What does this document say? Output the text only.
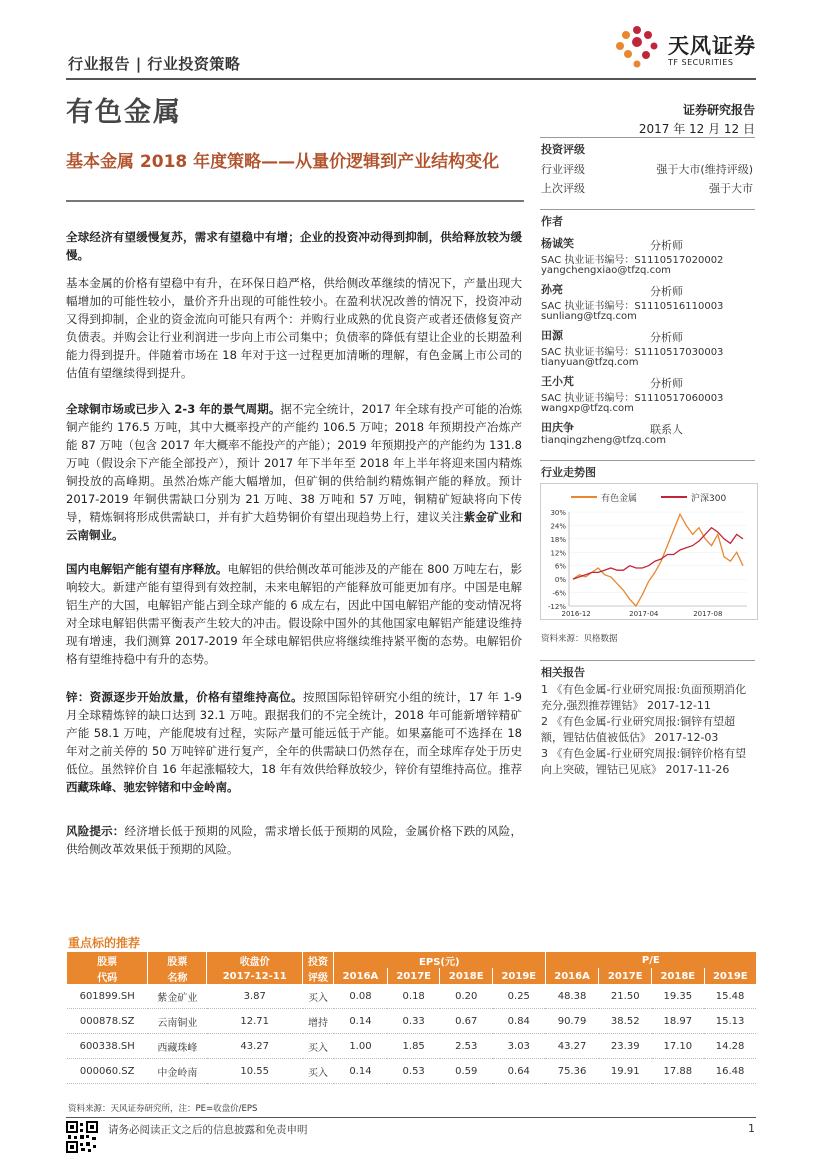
行业报告 | 行业投资策略
天风证券
TF SECURITIES
有色金属	证券研究报告
2017 年 12 月 12 日
基本金属 2018 年度策略——从量价逻辑到产业结构变化
全球经济有望缓慢复苏，需求有望稳中有增；企业的投资冲动得到抑制，供给释放较为缓慢。
基本金属的价格有望稳中有升，在环保日趋严格，供给侧改革继续的情况下，产量出现大幅增加的可能性较小，量价齐升出现的可能性较小。在盈利状况改善的情况下，投资冲动又得到抑制，企业的资金流向可能只有两个：并购行业成熟的优良资产或者还债修复资产负债表。并购会让行业利润进一步向上市公司集中；负债率的降低有望让企业的长期盈利能力得到提升。伴随着市场在 18 年对于这一过程更加清晰的理解，有色金属上市公司的估值有望继续得到提升。
全球铜市场或已步入 2-3 年的景气周期。据不完全统计，2017 年全球有投产可能的冶炼铜产能约 176.5 万吨，其中大概率投产的产能约 106.5 万吨；2018 年预期投产冶炼产能 87 万吨（包含 2017 年大概率不能投产的产能）；2019 年预期投产的产能约为 131.8 万吨（假设余下产能全部投产），预计 2017 年下半年至 2018 年上半年将迎来国内精炼铜投放的高峰期。虽然冶炼产能大幅增加，但矿铜的供给制约精炼铜产能的释放。预计 2017-2019 年铜供需缺口分别为 21 万吨、38 万吨和 57 万吨，铜精矿短缺将向下传导，精炼铜将形成供需缺口，并有扩大趋势铜价有望出现趋势上行，建议关注紫金矿业和云南铜业。
国内电解铝产能有望有序释放。电解铝的供给侧改革可能涉及的产能在 800 万吨左右，影响较大。新建产能有望得到有效控制，未来电解铝的产能释放可能更加有序。中国是电解铝生产的大国，电解铝产能占到全球产能的 6 成左右，因此中国电解铝产能的变动情况将对全球电解铝供需平衡表产生较大的冲击。假设除中国外的其他国家电解铝产能建设维持现有增速，我们测算 2017-2019 年全球电解铝供应将继续维持紧平衡的态势。电解铝价格有望维持稳中有升的态势。
锌：资源逐步开始放量，价格有望维持高位。按照国际铅锌研究小组的统计，17 年 1-9 月全球精炼锌的缺口达到 32.1 万吨。跟据我们的不完全统计，2018 年可能新增锌精矿产能 58.1 万吨，产能爬坡有过程，实际产量可能远低于产能。如果嘉能可不选择在 18 年对之前关停的 50 万吨锌矿进行复产，全年的供需缺口仍然存在，而全球库存处于历史低位。虽然锌价自 16 年起涨幅较大，18 年有效供给释放较少，锌价有望维持高位。推荐西藏珠峰、驰宏锌锗和中金岭南。
风险提示：经济增长低于预期的风险，需求增长低于预期的风险，金属价格下跌的风险，供给侧改革效果低于预期的风险。
投资评级
行业评级	强于大市(维持评级)
上次评级	强于大市
作者
杨诚笑	分析师
SAC 执业证书编号：S1110517020002
yangchengxiao@tfzq.com
孙亮	分析师
SAC 执业证书编号：S1110516110003
sunliang@tfzq.com
田源	分析师
SAC 执业证书编号：S1110517030003
tianyuan@tfzq.com
王小芃	分析师
SAC 执业证书编号：S1110517060003
wangxp@tfzq.com
田庆争	联系人
tianqingzheng@tfzq.com
行业走势图
有色金属	沪深300
30%
24%
18%
12%
6%
0%
-6%
-12%
2016-12	2017-04	2017-08
资料来源：贝格数据
相关报告
1 《有色金属-行业研究周报:负面预期消化充分,强烈推荐锂钴》 2017-12-11
2 《有色金属-行业研究周报:铜锌有望超额，锂钴估值被低估》 2017-12-03
3 《有色金属-行业研究周报:铜锌价格有望向上突破，锂钴已见底》 2017-11-26
重点标的推荐
股票	股票	收盘价	投资	EPS(元)				P/E			
代码	名称	2017-12-11	评级	2016A	2017E	2018E	2019E	2016A	2017E	2018E	2019E
601899.SH	紫金矿业	3.87	买入	0.08	0.18	0.20	0.25	48.38	21.50	19.35	15.48
000878.SZ	云南铜业	12.71	增持	0.14	0.33	0.67	0.84	90.79	38.52	18.97	15.13
600338.SH	西藏珠峰	43.27	买入	1.00	1.85	2.53	3.03	43.27	23.39	17.10	14.28
000060.SZ	中金岭南	10.55	买入	0.14	0.53	0.59	0.64	75.36	19.91	17.88	16.48
资料来源：天风证券研究所，注：PE=收盘价/EPS
请务必阅读正文之后的信息披露和免责申明	1
